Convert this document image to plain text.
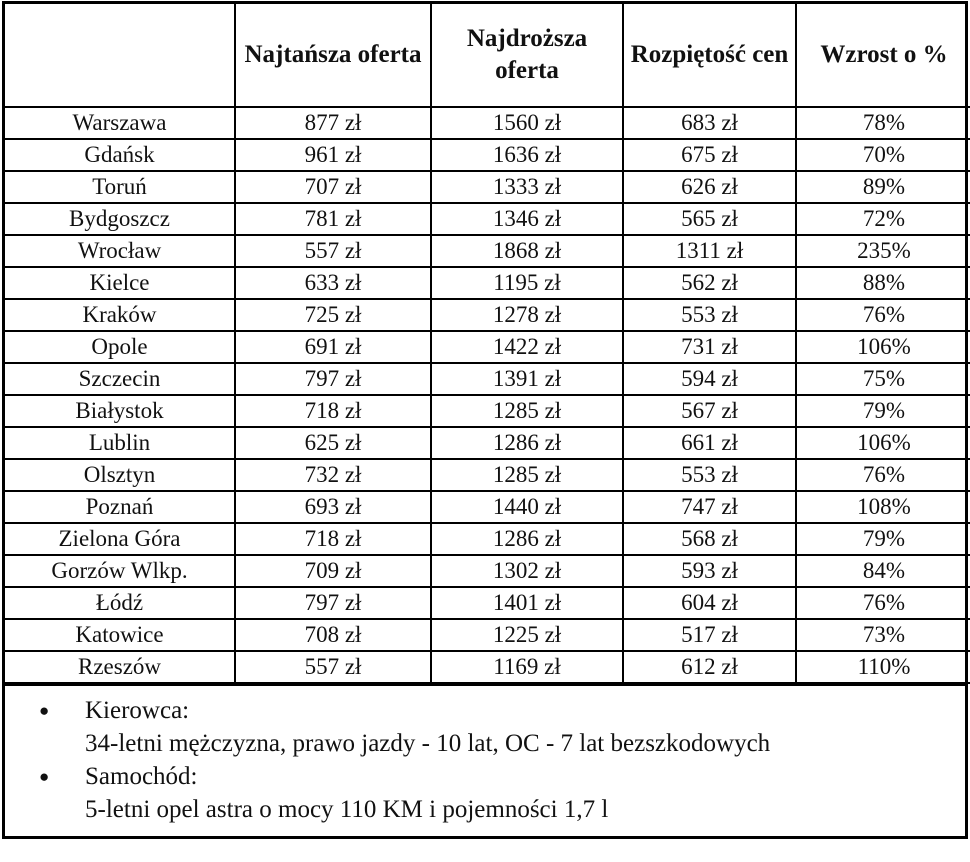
	Najtańsza oferta	Najdroższa oferta	Rozpiętość cen	Wzrost o %
Warszawa	877 zł	1560 zł	683 zł	78%
Gdańsk	961 zł	1636 zł	675 zł	70%
Toruń	707 zł	1333 zł	626 zł	89%
Bydgoszcz	781 zł	1346 zł	565 zł	72%
Wrocław	557 zł	1868 zł	1311 zł	235%
Kielce	633 zł	1195 zł	562 zł	88%
Kraków	725 zł	1278 zł	553 zł	76%
Opole	691 zł	1422 zł	731 zł	106%
Szczecin	797 zł	1391 zł	594 zł	75%
Białystok	718 zł	1285 zł	567 zł	79%
Lublin	625 zł	1286 zł	661 zł	106%
Olsztyn	732 zł	1285 zł	553 zł	76%
Poznań	693 zł	1440 zł	747 zł	108%
Zielona Góra	718 zł	1286 zł	568 zł	79%
Gorzów Wlkp.	709 zł	1302 zł	593 zł	84%
Łódź	797 zł	1401 zł	604 zł	76%
Katowice	708 zł	1225 zł	517 zł	73%
Rzeszów	557 zł	1169 zł	612 zł	110%
● Kierowca:
34-letni mężczyzna, prawo jazdy - 10 lat, OC - 7 lat bezszkodowych
● Samochód:
5-letni opel astra o mocy 110 KM i pojemności 1,7 l
